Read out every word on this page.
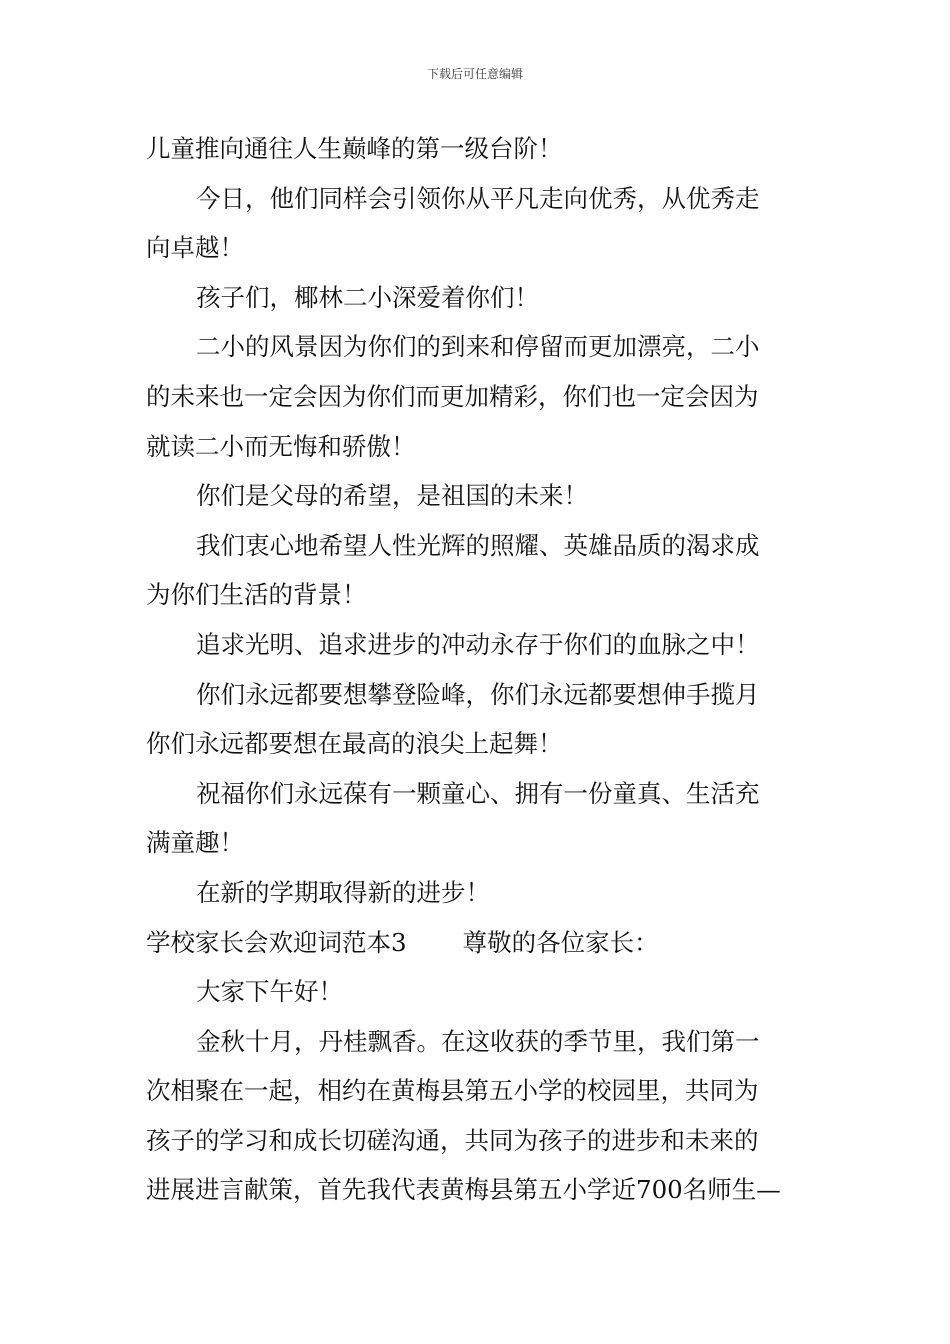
下载后可任意编辑
儿童推向通往人生巅峰的第一级台阶！
今日，他们同样会引领你从平凡走向优秀，从优秀走
向卓越！
孩子们，椰林二小深爱着你们！
二小的风景因为你们的到来和停留而更加漂亮，二小
的未来也一定会因为你们而更加精彩，你们也一定会因为
就读二小而无悔和骄傲！
你们是父母的希望，是祖国的未来！
我们衷心地希望人性光辉的照耀、英雄品质的渴求成
为你们生活的背景！
追求光明、追求进步的冲动永存于你们的血脉之中！
你们永远都要想攀登险峰，你们永远都要想伸手揽月
你们永远都要想在最高的浪尖上起舞！
祝福你们永远葆有一颗童心、拥有一份童真、生活充
满童趣！
在新的学期取得新的进步！
学校家长会欢迎词范本3 尊敬的各位家长：
大家下午好！
金秋十月，丹桂飘香。在这收获的季节里，我们第一
次相聚在一起，相约在黄梅县第五小学的校园里，共同为
孩子的学习和成长切磋沟通，共同为孩子的进步和未来的
进展进言献策，首先我代表黄梅县第五小学近700名师生—
